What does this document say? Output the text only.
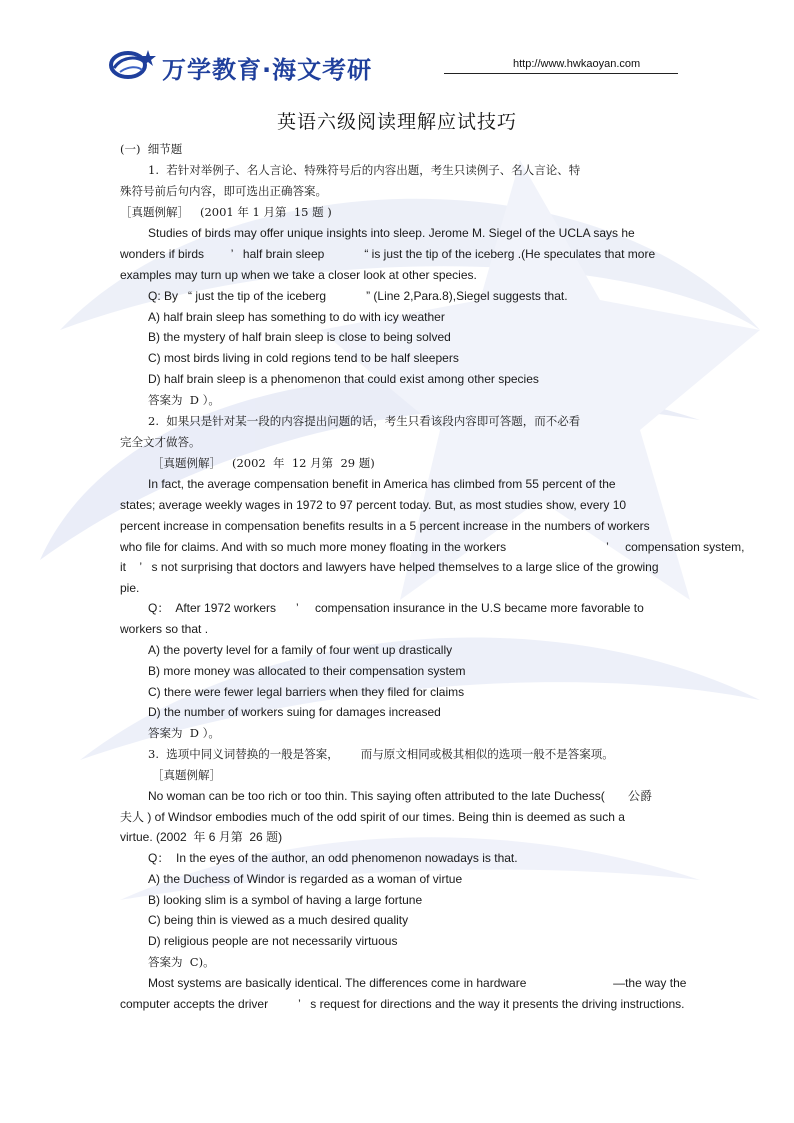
万学教育·海文考研	http://www.hwkaoyan.com
英语六级阅读理解应试技巧
(一)  细节题
1.  若针对举例子、名人言论、特殊符号后的内容出题，考生只读例子、名人言论、特
殊符号前后句内容，即可选出正确答案。
［真题例解］   (2001 年 1 月第  15 题 )
Studies of birds may offer unique insights into sleep. Jerome M. Siegel of the UCLA says he
wonders if birds        ’   half brain sleep            “ is just the tip of the iceberg .(He speculates that more
examples may turn up when we take a closer look at other species.
Q: By   “ just the tip of the iceberg            ” (Line 2,Para.8),Siegel suggests that.
A) half brain sleep has something to do with icy weather
B) the mystery of half brain sleep is close to being solved
C) most birds living in cold regions tend to be half sleepers
D) half brain sleep is a phenomenon that could exist among other species
答案为  D ）。
2.  如果只是针对某一段的内容提出问题的话，考生只看该段内容即可答题，而不必看
完全文才做答。
［真题例解］   (2002  年  12 月第  29 题)
In fact, the average compensation benefit in America has climbed from 55 percent of the
states; average weekly wages in 1972 to 97 percent today. But, as most studies show, every 10
percent increase in compensation benefits results in a 5 percent increase in the numbers of workers
who file for claims. And with so much more money floating in the workers                              ’     compensation system,
it    ’   s not surprising that doctors and lawyers have helped themselves to a large slice of the growing
pie.
Q：  After 1972 workers      ’     compensation insurance in the U.S became more favorable to
workers so that .
A) the poverty level for a family of four went up drastically
B) more money was allocated to their compensation system
C) there were fewer legal barriers when they filed for claims
D) the number of workers suing for damages increased
答案为  D ）。
3.  选项中同义词替换的一般是答案，      而与原文相同或极其相似的选项一般不是答案项。
［真题例解］
No woman can be too rich or too thin. This saying often attributed to the late Duchess(       公爵
夫人 ) of Windsor embodies much of the odd spirit of our times. Being thin is deemed as such a
virtue. (2002  年 6 月第  26 题)
Q：  In the eyes of the author, an odd phenomenon nowadays is that.
A) the Duchess of Windor is regarded as a woman of virtue
B) looking slim is a symbol of having a large fortune
C) being thin is viewed as a much desired quality
D) religious people are not necessarily virtuous
答案为  C)。
Most systems are basically identical. The differences come in hardware                          —the way the
computer accepts the driver         ’   s request for directions and the way it presents the driving instructions.
